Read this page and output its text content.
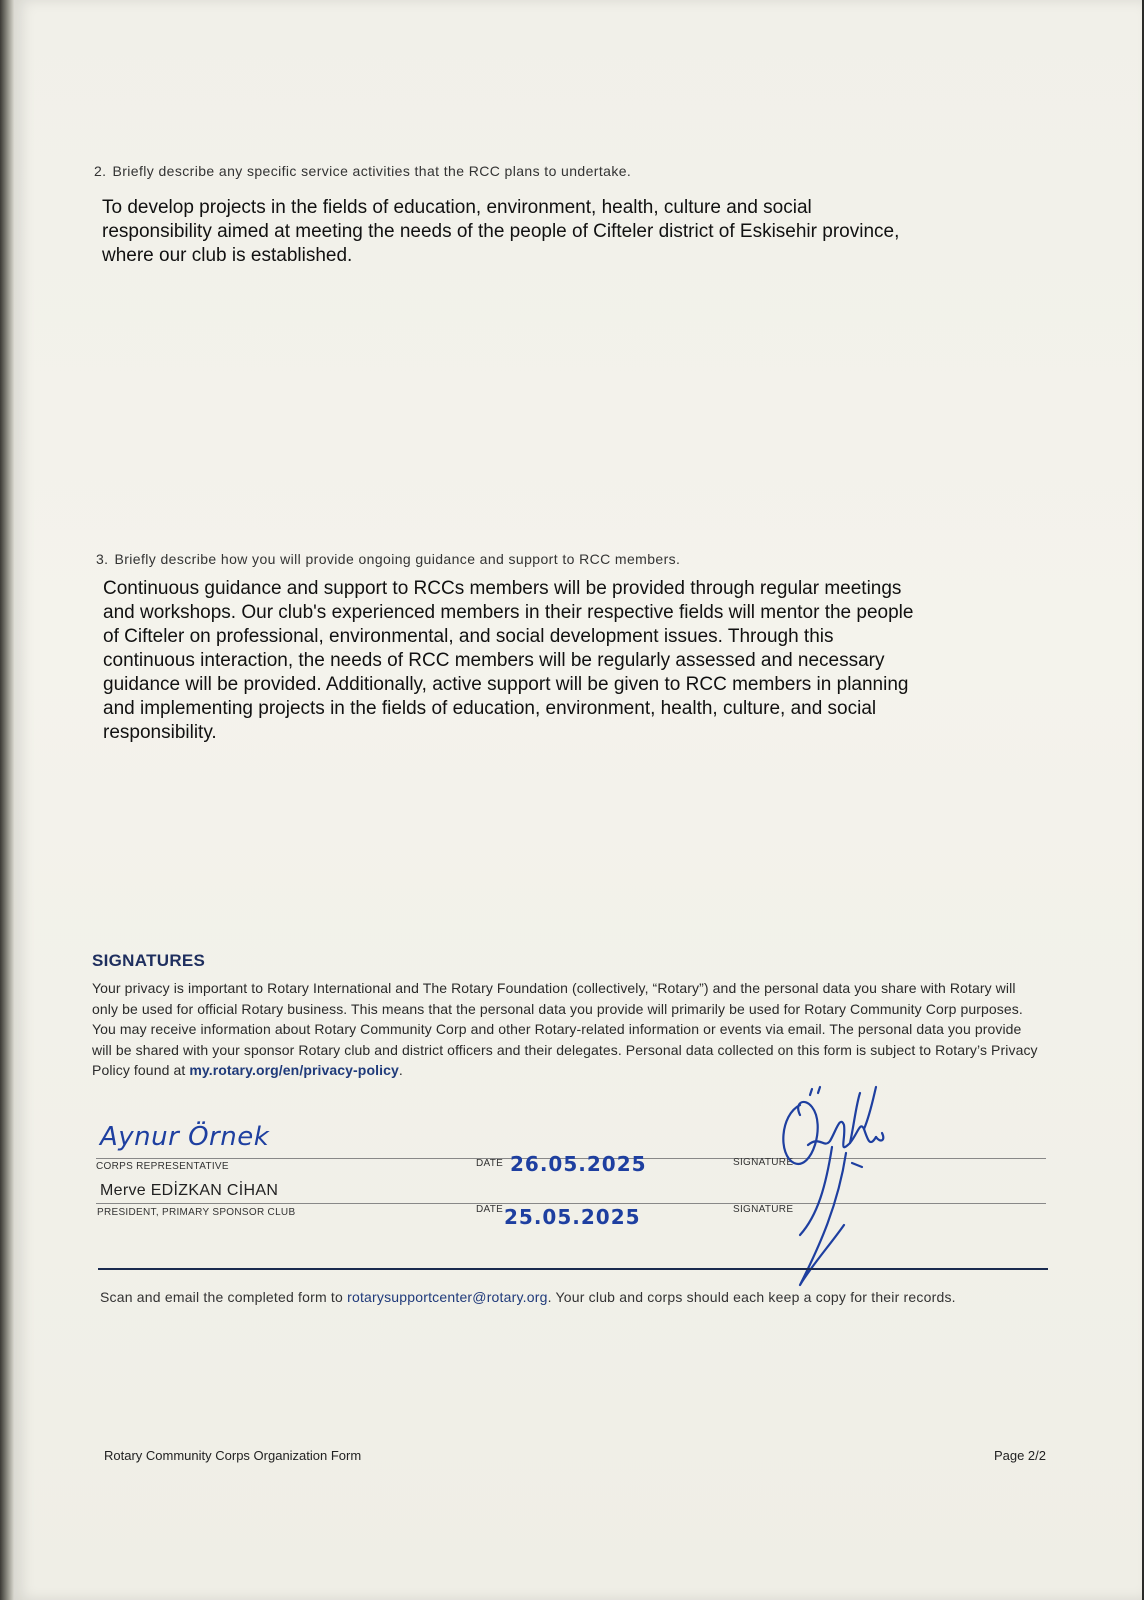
2. Briefly describe any specific service activities that the RCC plans to undertake.
To develop projects in the fields of education, environment, health, culture and social
responsibility aimed at meeting the needs of the people of Cifteler district of Eskisehir province,
where our club is established.
3. Briefly describe how you will provide ongoing guidance and support to RCC members.
Continuous guidance and support to RCCs members will be provided through regular meetings
and workshops. Our club's experienced members in their respective fields will mentor the people
of Cifteler on professional, environmental, and social development issues. Through this
continuous interaction, the needs of RCC members will be regularly assessed and necessary
guidance will be provided. Additionally, active support will be given to RCC members in planning
and implementing projects in the fields of education, environment, health, culture, and social
responsibility.
SIGNATURES
Your privacy is important to Rotary International and The Rotary Foundation (collectively, “Rotary”) and the personal data you share with Rotary will only be used for official Rotary business. This means that the personal data you provide will primarily be used for Rotary Community Corp purposes. You may receive information about Rotary Community Corp and other Rotary-related information or events via email. The personal data you provide will be shared with your sponsor Rotary club and district officers and their delegates. Personal data collected on this form is subject to Rotary’s Privacy Policy found at my.rotary.org/en/privacy-policy.
Aynur Örnek
CORPS REPRESENTATIVE	DATE 26.05.2025	SIGNATURE
Merve EDİZKAN CİHAN
PRESIDENT, PRIMARY SPONSOR CLUB	DATE 25.05.2025	SIGNATURE
Scan and email the completed form to rotarysupportcenter@rotary.org. Your club and corps should each keep a copy for their records.
Rotary Community Corps Organization Form	Page 2/2
